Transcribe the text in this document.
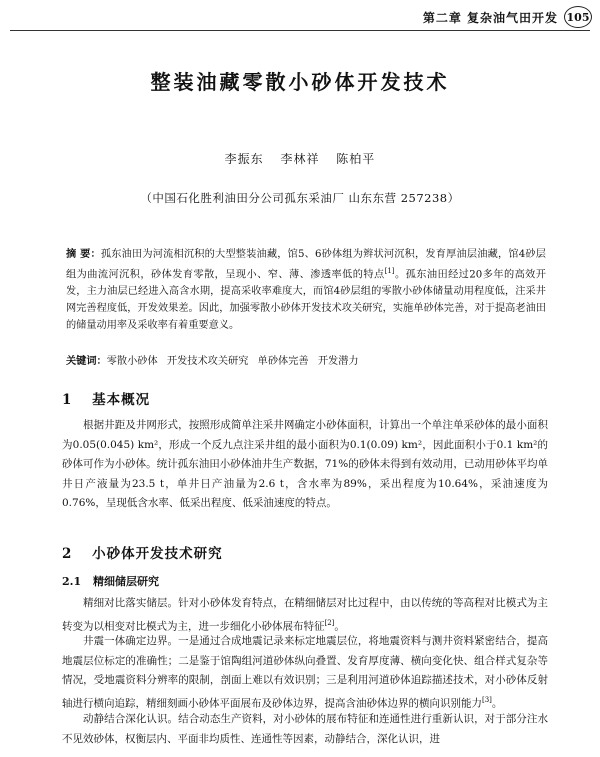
第二章 复杂油气田开发 105
整装油藏零散小砂体开发技术
李振东 李林祥 陈柏平
（中国石化胜利油田分公司孤东采油厂 山东东营 257238）
摘 要：孤东油田为河流相沉积的大型整装油藏，馆5、6砂体组为辫状河沉积，发育厚油层油藏，馆4砂层组为曲流河沉积，砂体发育零散，呈现小、窄、薄、渗透率低的特点[1]。孤东油田经过20多年的高效开发，主力油层已经进入高含水期，提高采收率难度大，而馆4砂层组的零散小砂体储量动用程度低，注采井网完善程度低，开发效果差。因此，加强零散小砂体开发技术攻关研究，实施单砂体完善，对于提高老油田的储量动用率及采收率有着重要意义。
关键词：零散小砂体 开发技术攻关研究 单砂体完善 开发潜力
1 基本概况
根据井距及井网形式，按照形成简单注采井网确定小砂体面积，计算出一个单注单采砂体的最小面积为0.05(0.045) km²，形成一个反九点注采井组的最小面积为0.1(0.09) km²，因此面积小于0.1 km²的砂体可作为小砂体。统计孤东油田小砂体油井生产数据，71%的砂体未得到有效动用，已动用砂体平均单井日产液量为23.5 t，单井日产油量为2.6 t，含水率为89%，采出程度为10.64%，采油速度为0.76%，呈现低含水率、低采出程度、低采油速度的特点。
2 小砂体开发技术研究
2.1 精细储层研究
精细对比落实储层。针对小砂体发育特点，在精细储层对比过程中，由以传统的等高程对比模式为主转变为以相变对比模式为主，进一步细化小砂体展布特征[2]。
井震一体确定边界。一是通过合成地震记录来标定地震层位，将地震资料与测井资料紧密结合，提高地震层位标定的准确性；二是鉴于馆陶组河道砂体纵向叠置、发育厚度薄、横向变化快、组合样式复杂等情况，受地震资料分辨率的限制，剖面上难以有效识别；三是利用河道砂体追踪描述技术，对小砂体反射轴进行横向追踪，精细刻画小砂体平面展布及砂体边界，提高含油砂体边界的横向识别能力[3]。
动静结合深化认识。结合动态生产资料，对小砂体的展布特征和连通性进行重新认识，对于部分注水不见效砂体，权衡层内、平面非均质性、连通性等因素，动静结合，深化认识，进
